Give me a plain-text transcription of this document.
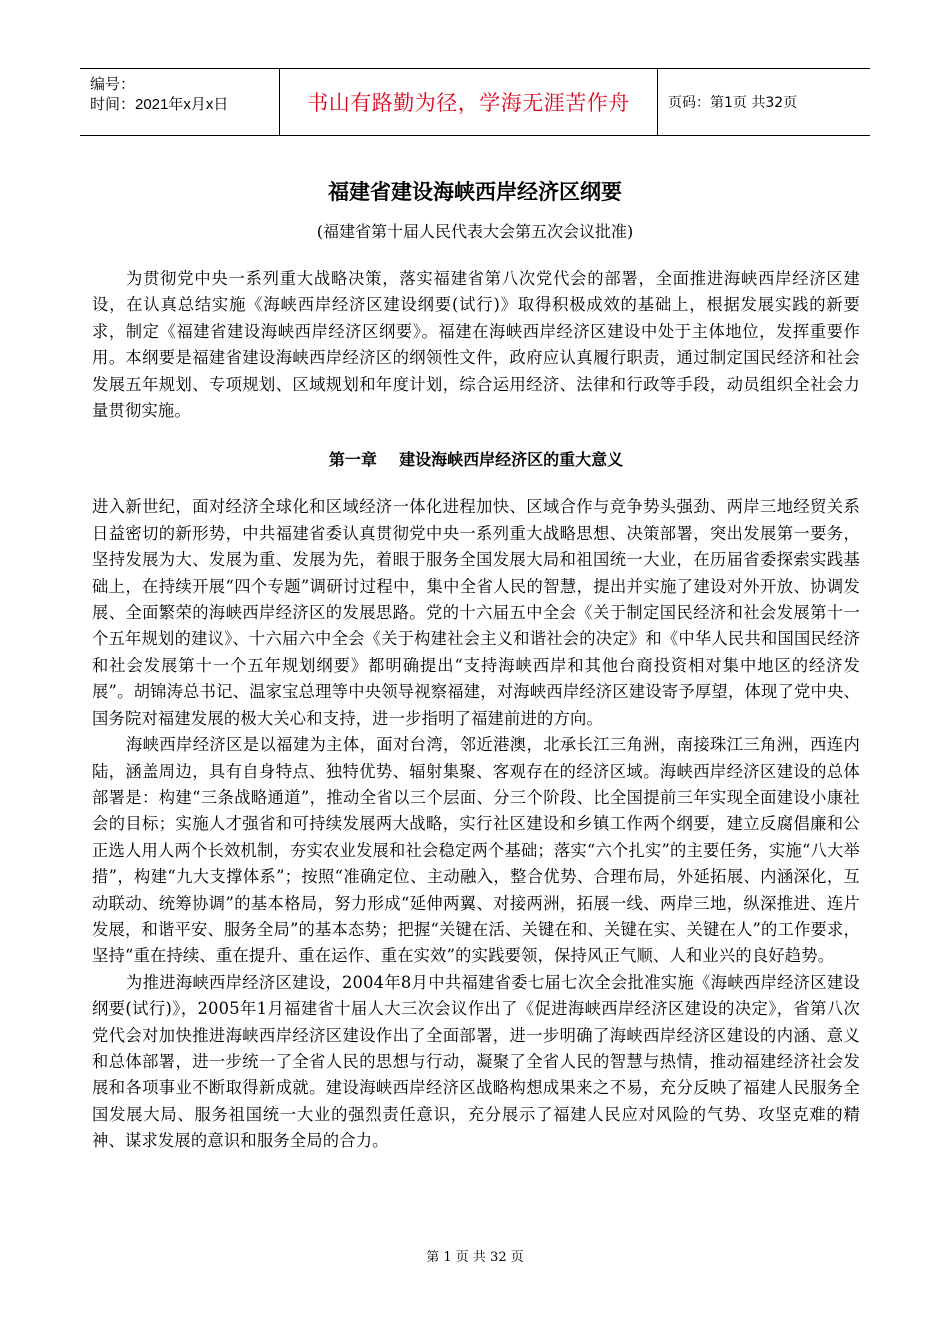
编号：
时间：2021年x月x日	书山有路勤为径，学海无涯苦作舟	页码：第1页 共32页
福建省建设海峡西岸经济区纲要

(福建省第十届人民代表大会第五次会议批准)

为贯彻党中央一系列重大战略决策，落实福建省第八次党代会的部署，全面推进海峡西岸经济区建设，在认真总结实施《海峡西岸经济区建设纲要(试行)》取得积极成效的基础上，根据发展实践的新要求，制定《福建省建设海峡西岸经济区纲要》。福建在海峡西岸经济区建设中处于主体地位，发挥重要作用。本纲要是福建省建设海峡西岸经济区的纲领性文件，政府应认真履行职责，通过制定国民经济和社会发展五年规划、专项规划、区域规划和年度计划，综合运用经济、法律和行政等手段，动员组织全社会力量贯彻实施。

第一章    建设海峡西岸经济区的重大意义

进入新世纪，面对经济全球化和区域经济一体化进程加快、区域合作与竞争势头强劲、两岸三地经贸关系日益密切的新形势，中共福建省委认真贯彻党中央一系列重大战略思想、决策部署，突出发展第一要务，坚持发展为大、发展为重、发展为先，着眼于服务全国发展大局和祖国统一大业，在历届省委探索实践基础上，在持续开展“四个专题”调研讨过程中，集中全省人民的智慧，提出并实施了建设对外开放、协调发展、全面繁荣的海峡西岸经济区的发展思路。党的十六届五中全会《关于制定国民经济和社会发展第十一个五年规划的建议》、十六届六中全会《关于构建社会主义和谐社会的决定》和《中华人民共和国国民经济和社会发展第十一个五年规划纲要》都明确提出“支持海峡西岸和其他台商投资相对集中地区的经济发展”。胡锦涛总书记、温家宝总理等中央领导视察福建，对海峡西岸经济区建设寄予厚望，体现了党中央、国务院对福建发展的极大关心和支持，进一步指明了福建前进的方向。

海峡西岸经济区是以福建为主体，面对台湾，邻近港澳，北承长江三角洲，南接珠江三角洲，西连内陆，涵盖周边，具有自身特点、独特优势、辐射集聚、客观存在的经济区域。海峡西岸经济区建设的总体部署是：构建“三条战略通道”，推动全省以三个层面、分三个阶段、比全国提前三年实现全面建设小康社会的目标；实施人才强省和可持续发展两大战略，实行社区建设和乡镇工作两个纲要，建立反腐倡廉和公正选人用人两个长效机制，夯实农业发展和社会稳定两个基础；落实“六个扎实”的主要任务，实施“八大举措”，构建“九大支撑体系”；按照“准确定位、主动融入，整合优势、合理布局，外延拓展、内涵深化，互动联动、统筹协调”的基本格局，努力形成“延伸两翼、对接两洲，拓展一线、两岸三地，纵深推进、连片发展，和谐平安、服务全局”的基本态势；把握“关键在活、关键在和、关键在实、关键在人”的工作要求，坚持“重在持续、重在提升、重在运作、重在实效”的实践要领，保持风正气顺、人和业兴的良好趋势。

为推进海峡西岸经济区建设，2004年8月中共福建省委七届七次全会批准实施《海峡西岸经济区建设纲要(试行)》，2005年1月福建省十届人大三次会议作出了《促进海峡西岸经济区建设的决定》，省第八次党代会对加快推进海峡西岸经济区建设作出了全面部署，进一步明确了海峡西岸经济区建设的内涵、意义和总体部署，进一步统一了全省人民的思想与行动，凝聚了全省人民的智慧与热情，推动福建经济社会发展和各项事业不断取得新成就。建设海峡西岸经济区战略构想成果来之不易，充分反映了福建人民服务全国发展大局、服务祖国统一大业的强烈责任意识，充分展示了福建人民应对风险的气势、攻坚克难的精神、谋求发展的意识和服务全局的合力。

第 1 页 共 32 页
